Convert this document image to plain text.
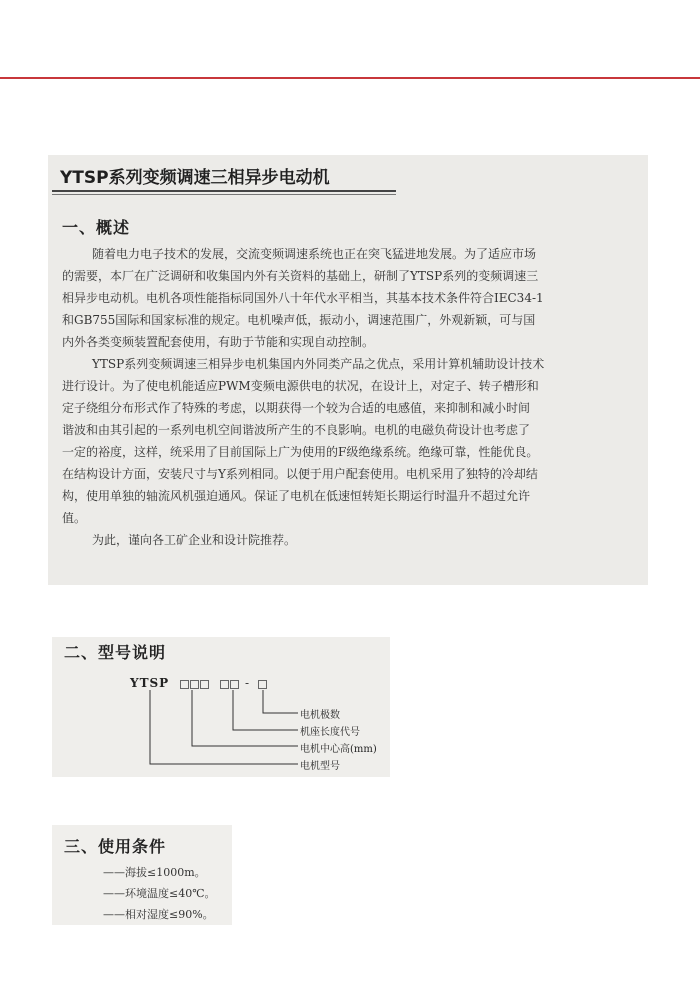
YTSP系列变频调速三相异步电动机
一、概述
随着电力电子技术的发展，交流变频调速系统也正在突飞猛进地发展。为了适应市场
的需要，本厂在广泛调研和收集国内外有关资料的基础上，研制了YTSP系列的变频调速三
相异步电动机。电机各项性能指标同国外八十年代水平相当，其基本技术条件符合IEC34-1
和GB755国际和国家标准的规定。电机噪声低，振动小，调速范围广，外观新颖，可与国
内外各类变频装置配套使用，有助于节能和实现自动控制。
YTSP系列变频调速三相异步电机集国内外同类产品之优点，采用计算机辅助设计技术
进行设计。为了使电机能适应PWM变频电源供电的状况，在设计上，对定子、转子槽形和
定子绕组分布形式作了特殊的考虑，以期获得一个较为合适的电感值，来抑制和减小时间
谐波和由其引起的一系列电机空间谐波所产生的不良影响。电机的电磁负荷设计也考虑了
一定的裕度，这样，统采用了目前国际上广为使用的F级绝缘系统。绝缘可靠，性能优良。
在结构设计方面，安装尺寸与Y系列相同。以便于用户配套使用。电机采用了独特的冷却结
构，使用单独的轴流风机强迫通风。保证了电机在低速恒转矩长期运行时温升不超过允许
值。
为此，谨向各工矿企业和设计院推荐。
二、型号说明
YTSP	-
电机极数
机座长度代号
电机中心高(mm)
电机型号
三、使用条件
——海拔≤1000m。
——环境温度≤40℃。
——相对湿度≤90%。
